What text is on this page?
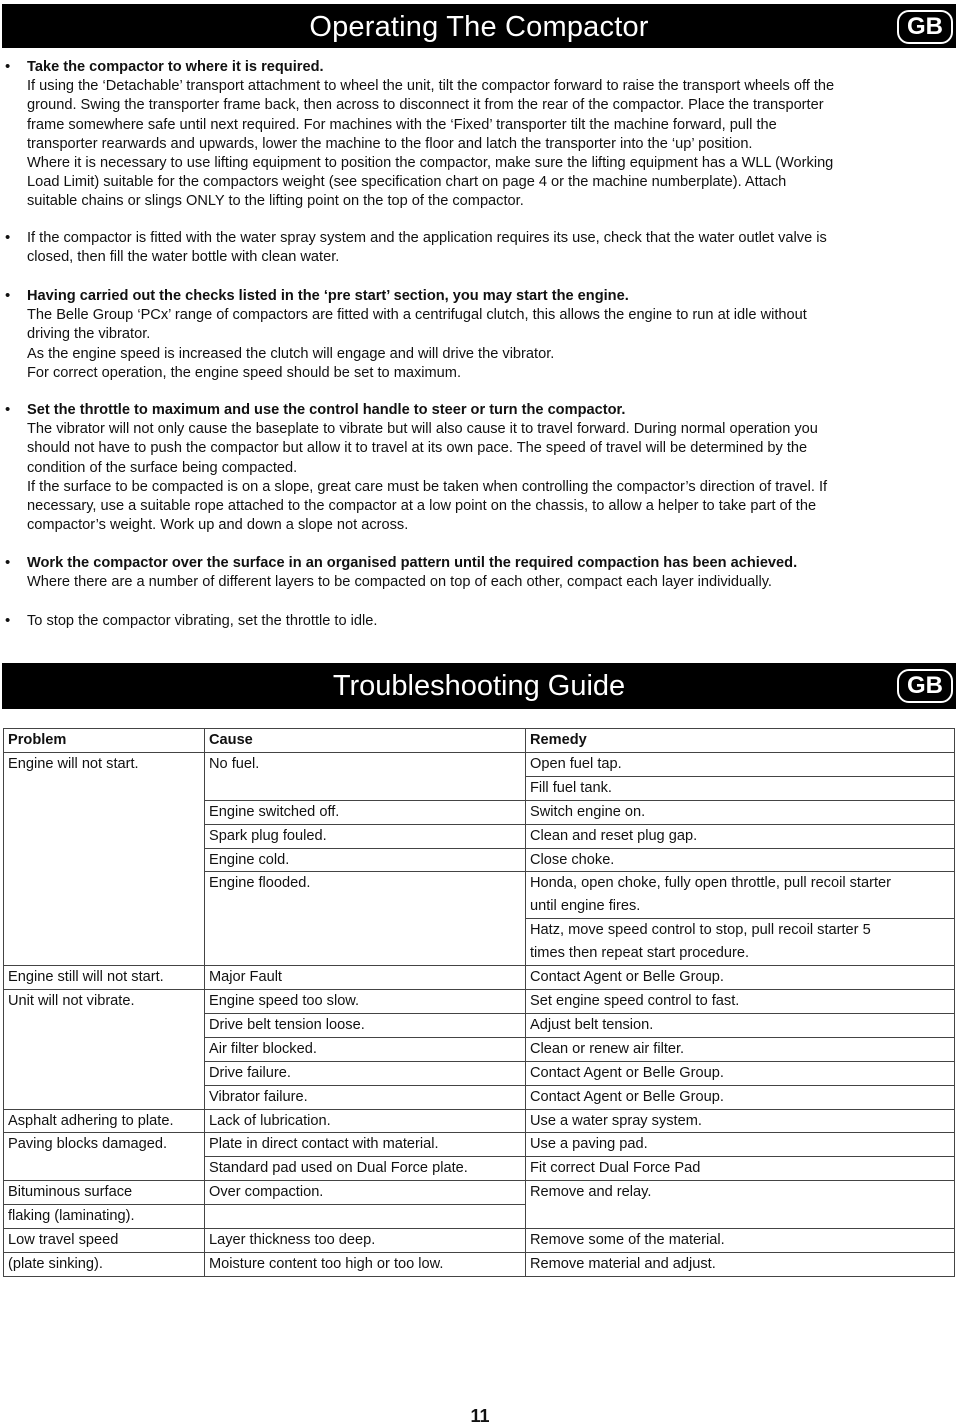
Operating The Compactor	GB
• Take the compactor to where it is required.
If using the ‘Detachable’ transport attachment to wheel the unit, tilt the compactor forward to raise the transport wheels off the
ground. Swing the transporter frame back, then across to disconnect it from the rear of the compactor. Place the transporter
frame somewhere safe until next required. For machines with the ‘Fixed’ transporter tilt the machine forward, pull the
transporter rearwards and upwards, lower the machine to the floor and latch the transporter into the ‘up’ position.
Where it is necessary to use lifting equipment to position the compactor, make sure the lifting equipment has a WLL (Working
Load Limit) suitable for the compactors weight (see specification chart on page 4 or the machine numberplate). Attach
suitable chains or slings ONLY to the lifting point on the top of the compactor.
• If the compactor is fitted with the water spray system and the application requires its use, check that the water outlet valve is
closed, then fill the water bottle with clean water.
• Having carried out the checks listed in the ‘pre start’ section, you may start the engine.
The Belle Group ‘PCx’ range of compactors are fitted with a centrifugal clutch, this allows the engine to run at idle without
driving the vibrator.
As the engine speed is increased the clutch will engage and will drive the vibrator.
For correct operation, the engine speed should be set to maximum.
• Set the throttle to maximum and use the control handle to steer or turn the compactor.
The vibrator will not only cause the baseplate to vibrate but will also cause it to travel forward. During normal operation you
should not have to push the compactor but allow it to travel at its own pace. The speed of travel will be determined by the
condition of the surface being compacted.
If the surface to be compacted is on a slope, great care must be taken when controlling the compactor’s direction of travel. If
necessary, use a suitable rope attached to the compactor at a low point on the chassis, to allow a helper to take part of the
compactor’s weight. Work up and down a slope not across.
• Work the compactor over the surface in an organised pattern until the required compaction has been achieved.
Where there are a number of different layers to be compacted on top of each other, compact each layer individually.
• To stop the compactor vibrating, set the throttle to idle.
Troubleshooting Guide	GB
Problem	Cause	Remedy
Engine will not start.	No fuel.	Open fuel tap.
		Fill fuel tank.
	Engine switched off.	Switch engine on.
	Spark plug fouled.	Clean and reset plug gap.
	Engine cold.	Close choke.
	Engine flooded.	Honda, open choke, fully open throttle, pull recoil starter
		until engine fires.
		Hatz, move speed control to stop, pull recoil starter 5
		times then repeat start procedure.
Engine still will not start.	Major Fault	Contact Agent or Belle Group.
Unit will not vibrate.	Engine speed too slow.	Set engine speed control to fast.
	Drive belt tension loose.	Adjust belt tension.
	Air filter blocked.	Clean or renew air filter.
	Drive failure.	Contact Agent or Belle Group.
	Vibrator failure.	Contact Agent or Belle Group.
Asphalt adhering to plate.	Lack of lubrication.	Use a water spray system.
Paving blocks damaged.	Plate in direct contact with material.	Use a paving pad.
	Standard pad used on Dual Force plate.	Fit correct Dual Force Pad
Bituminous surface	Over compaction.	Remove and relay.
flaking (laminating).		
Low travel speed	Layer thickness too deep.	Remove some of the material.
(plate sinking).	Moisture content too high or too low.	Remove material and adjust.
11
